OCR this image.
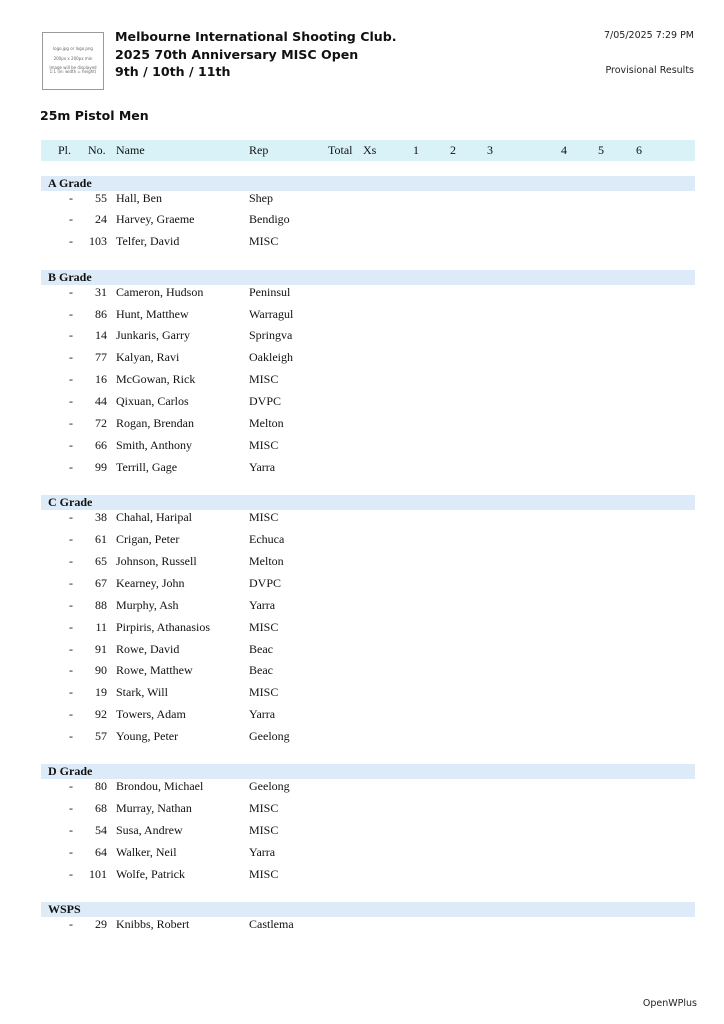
logo.jpg or logo.png
200px x 200px min
Image will be displayed
1:1 (ie: width = height)
Melbourne International Shooting Club.
2025 70th Anniversary MISC Open
9th / 10th / 11th
7/05/2025 7:29 PM
Provisional Results
25m Pistol Men
Pl. No. Name	Rep	Total Xs	1	2	3	4	5	6
A Grade
-	55 Hall, Ben	Shep
-	24 Harvey, Graeme	Bendigo
-	103 Telfer, David	MISC
B Grade
-	31 Cameron, Hudson	Peninsul
-	86 Hunt, Matthew	Warragul
-	14 Junkaris, Garry	Springva
-	77 Kalyan, Ravi	Oakleigh
-	16 McGowan, Rick	MISC
-	44 Qixuan, Carlos	DVPC
-	72 Rogan, Brendan	Melton
-	66 Smith, Anthony	MISC
-	99 Terrill, Gage	Yarra
C Grade
-	38 Chahal, Haripal	MISC
-	61 Crigan, Peter	Echuca
-	65 Johnson, Russell	Melton
-	67 Kearney, John	DVPC
-	88 Murphy, Ash	Yarra
-	11 Pirpiris, Athanasios	MISC
-	91 Rowe, David	Beac
-	90 Rowe, Matthew	Beac
-	19 Stark, Will	MISC
-	92 Towers, Adam	Yarra
-	57 Young, Peter	Geelong
D Grade
-	80 Brondou, Michael	Geelong
-	68 Murray, Nathan	MISC
-	54 Susa, Andrew	MISC
-	64 Walker, Neil	Yarra
-	101 Wolfe, Patrick	MISC
WSPS
-	29 Knibbs, Robert	Castlema
OpenWPlus
